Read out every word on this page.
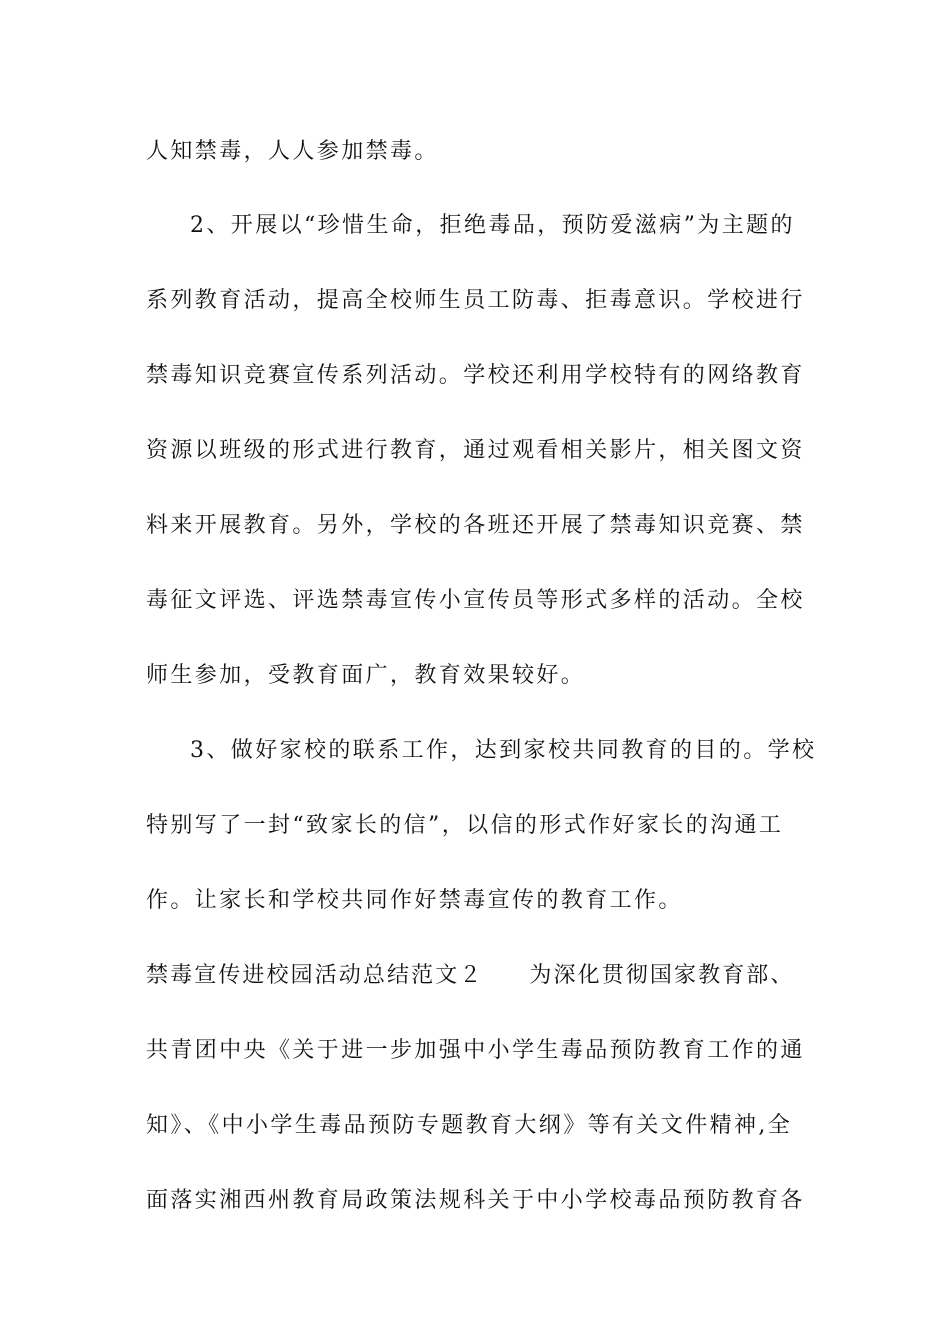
人知禁毒，人人参加禁毒。
2、开展以“珍惜生命，拒绝毒品，预防爱滋病”为主题的
系列教育活动，提高全校师生员工防毒、拒毒意识。学校进行
禁毒知识竞赛宣传系列活动。学校还利用学校特有的网络教育
资源以班级的形式进行教育，通过观看相关影片，相关图文资
料来开展教育。另外，学校的各班还开展了禁毒知识竞赛、禁
毒征文评选、评选禁毒宣传小宣传员等形式多样的活动。全校
师生参加，受教育面广，教育效果较好。
3、做好家校的联系工作，达到家校共同教育的目的。学校
特别写了一封“致家长的信”，以信的形式作好家长的沟通工
作。让家长和学校共同作好禁毒宣传的教育工作。
禁毒宣传进校园活动总结范文２ 为深化贯彻国家教育部、
共青团中央《关于进一步加强中小学生毒品预防教育工作的通
知》、《中小学生毒品预防专题教育大纲》等有关文件精神,全
面落实湘西州教育局政策法规科关于中小学校毒品预防教育各
